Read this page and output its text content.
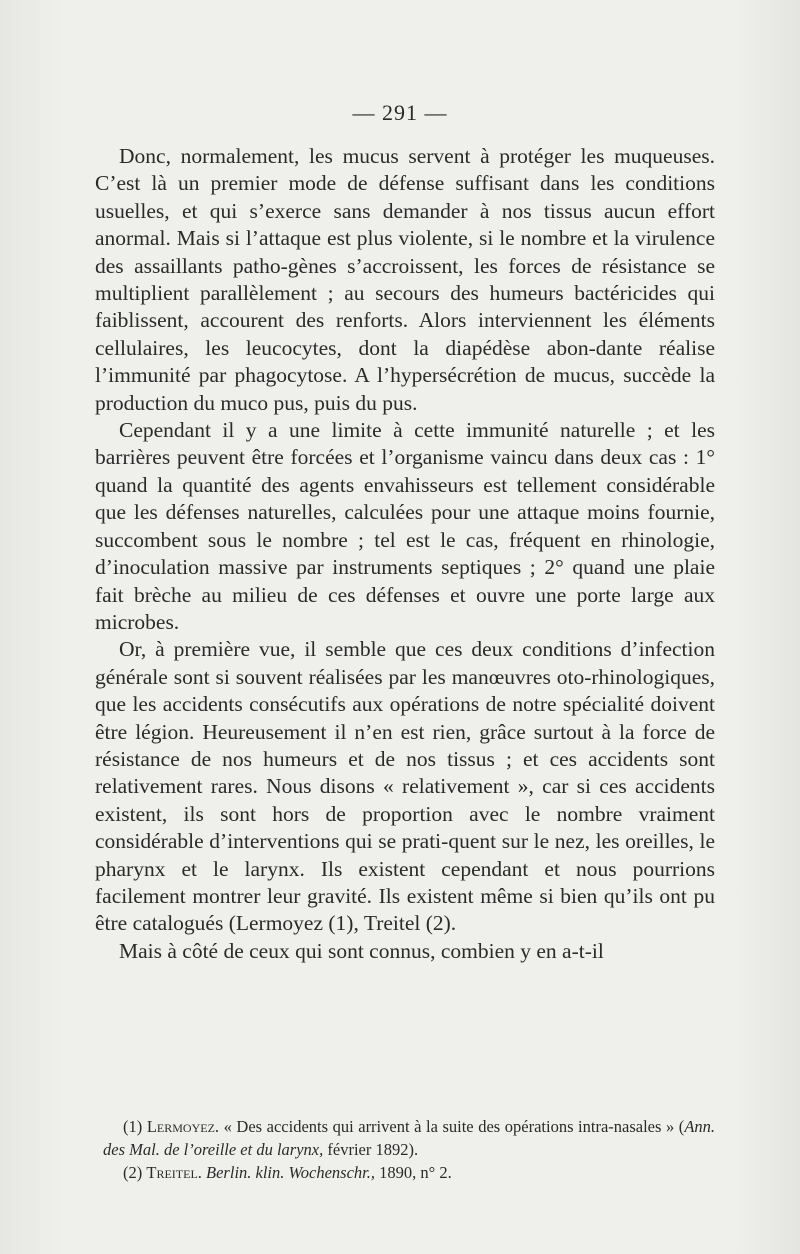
— 291 —

Donc, normalement, les mucus servent à protéger les muqueuses. C’est là un premier mode de défense suffisant dans les conditions usuelles, et qui s’exerce sans demander à nos tissus aucun effort anormal. Mais si l’attaque est plus violente, si le nombre et la virulence des assaillants patho-gènes s’accroissent, les forces de résistance se multiplient parallèlement ; au secours des humeurs bactéricides qui faiblissent, accourent des renforts. Alors interviennent les éléments cellulaires, les leucocytes, dont la diapédèse abon-dante réalise l’immunité par phagocytose. A l’hypersécrétion de mucus, succède la production du muco pus, puis du pus.

Cependant il y a une limite à cette immunité naturelle ; et les barrières peuvent être forcées et l’organisme vaincu dans deux cas : 1° quand la quantité des agents envahisseurs est tellement considérable que les défenses naturelles, calculées pour une attaque moins fournie, succombent sous le nombre ; tel est le cas, fréquent en rhinologie, d’inoculation massive par instruments septiques ; 2° quand une plaie fait brèche au milieu de ces défenses et ouvre une porte large aux microbes.

Or, à première vue, il semble que ces deux conditions d’infection générale sont si souvent réalisées par les manœuvres oto-rhinologiques, que les accidents consécutifs aux opérations de notre spécialité doivent être légion. Heureusement il n’en est rien, grâce surtout à la force de résistance de nos humeurs et de nos tissus ; et ces accidents sont relativement rares. Nous disons « relativement », car si ces accidents existent, ils sont hors de proportion avec le nombre vraiment considérable d’interventions qui se prati-quent sur le nez, les oreilles, le pharynx et le larynx. Ils existent cependant et nous pourrions facilement montrer leur gravité. Ils existent même si bien qu’ils ont pu être catalogués (Lermoyez (1), Treitel (2).

Mais à côté de ceux qui sont connus, combien y en a-t-il

(1) Lermoyez. « Des accidents qui arrivent à la suite des opérations intra-nasales » (Ann. des Mal. de l’oreille et du larynx, février 1892).

(2) Treitel. Berlin. klin. Wochenschr., 1890, n° 2.
